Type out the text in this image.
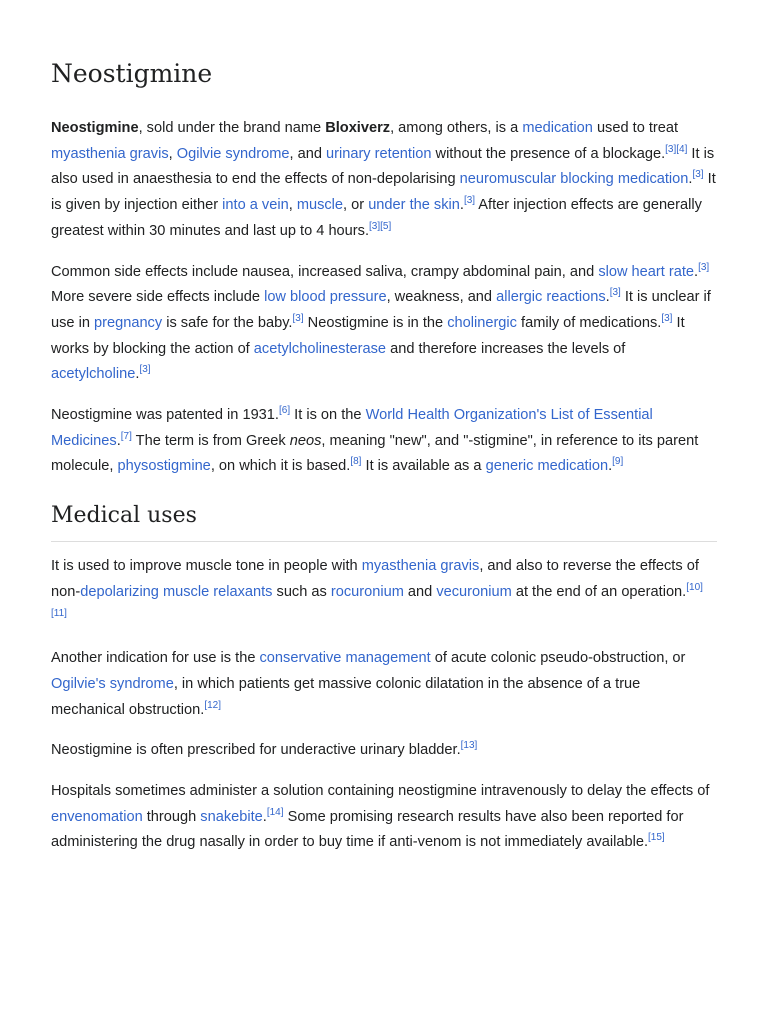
Neostigmine

Neostigmine, sold under the brand name Bloxiverz, among others, is a medication used to treat myasthenia gravis, Ogilvie syndrome, and urinary retention without the presence of a blockage.[3][4] It is also used in anaesthesia to end the effects of non-depolarising neuromuscular blocking medication.[3] It is given by injection either into a vein, muscle, or under the skin.[3] After injection effects are generally greatest within 30 minutes and last up to 4 hours.[3][5]

Common side effects include nausea, increased saliva, crampy abdominal pain, and slow heart rate.[3] More severe side effects include low blood pressure, weakness, and allergic reactions.[3] It is unclear if use in pregnancy is safe for the baby.[3] Neostigmine is in the cholinergic family of medications.[3] It works by blocking the action of acetylcholinesterase and therefore increases the levels of acetylcholine.[3]

Neostigmine was patented in 1931.[6] It is on the World Health Organization's List of Essential Medicines.[7] The term is from Greek neos, meaning "new", and "-stigmine", in reference to its parent molecule, physostigmine, on which it is based.[8] It is available as a generic medication.[9]

Medical uses

It is used to improve muscle tone in people with myasthenia gravis, and also to reverse the effects of non-depolarizing muscle relaxants such as rocuronium and vecuronium at the end of an operation.[10][11]

Another indication for use is the conservative management of acute colonic pseudo-obstruction, or Ogilvie's syndrome, in which patients get massive colonic dilatation in the absence of a true mechanical obstruction.[12]

Neostigmine is often prescribed for underactive urinary bladder.[13]

Hospitals sometimes administer a solution containing neostigmine intravenously to delay the effects of envenomation through snakebite.[14] Some promising research results have also been reported for administering the drug nasally in order to buy time if anti-venom is not immediately available.[15]
